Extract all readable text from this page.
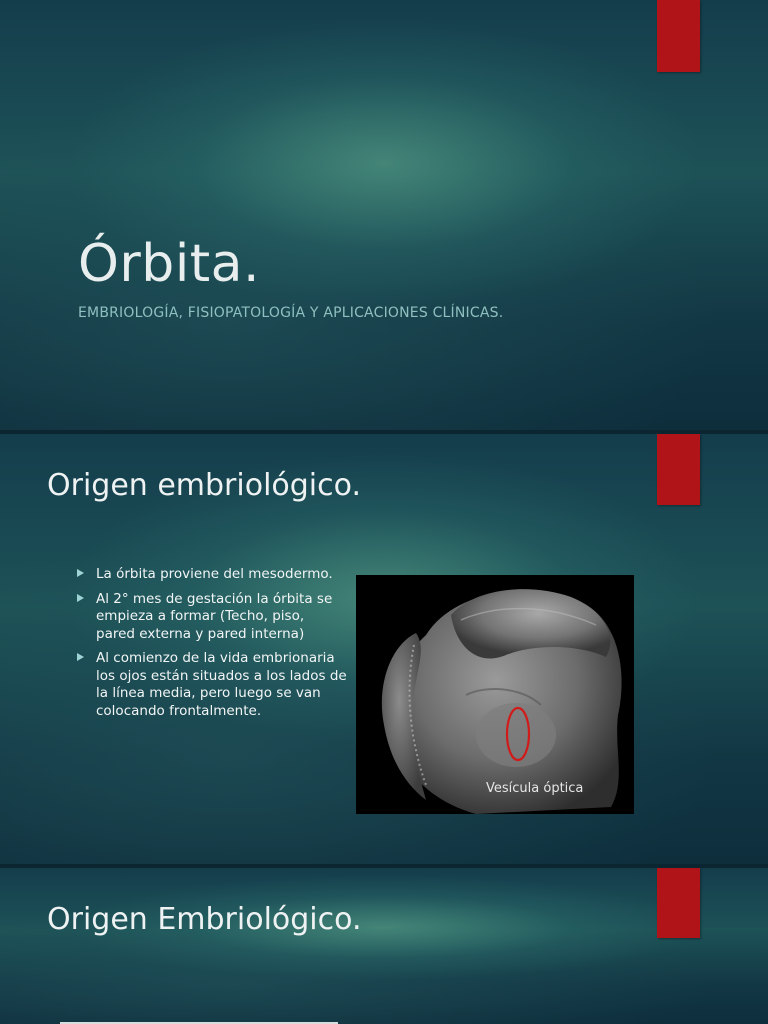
Órbita.
EMBRIOLOGÍA, FISIOPATOLOGÍA Y APLICACIONES CLÍNICAS.
Origen embriológico.
La órbita proviene del mesodermo.
Al 2° mes de gestación la órbita se empieza a formar (Techo, piso, pared externa y pared interna)
Al comienzo de la vida embrionaria los ojos están situados a los lados de la línea media, pero luego se van colocando frontalmente.
Vesícula óptica
Origen Embriológico.
